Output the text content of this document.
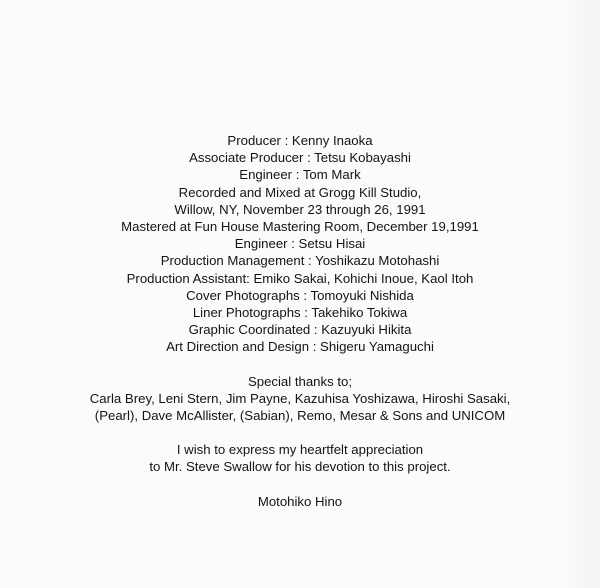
Producer : Kenny Inaoka
Associate Producer : Tetsu Kobayashi
Engineer : Tom Mark
Recorded and Mixed at Grogg Kill Studio,
Willow, NY, November 23 through 26, 1991
Mastered at Fun House Mastering Room, December 19,1991
Engineer : Setsu Hisai
Production Management : Yoshikazu Motohashi
Production Assistant: Emiko Sakai, Kohichi Inoue, Kaol Itoh
Cover Photographs : Tomoyuki Nishida
Liner Photographs : Takehiko Tokiwa
Graphic Coordinated : Kazuyuki Hikita
Art Direction and Design : Shigeru Yamaguchi
Special thanks to;
Carla Brey, Leni Stern, Jim Payne, Kazuhisa Yoshizawa, Hiroshi Sasaki,
(Pearl), Dave McAllister, (Sabian), Remo, Mesar & Sons and UNICOM
I wish to express my heartfelt appreciation
to Mr. Steve Swallow for his devotion to this project.
Motohiko Hino
